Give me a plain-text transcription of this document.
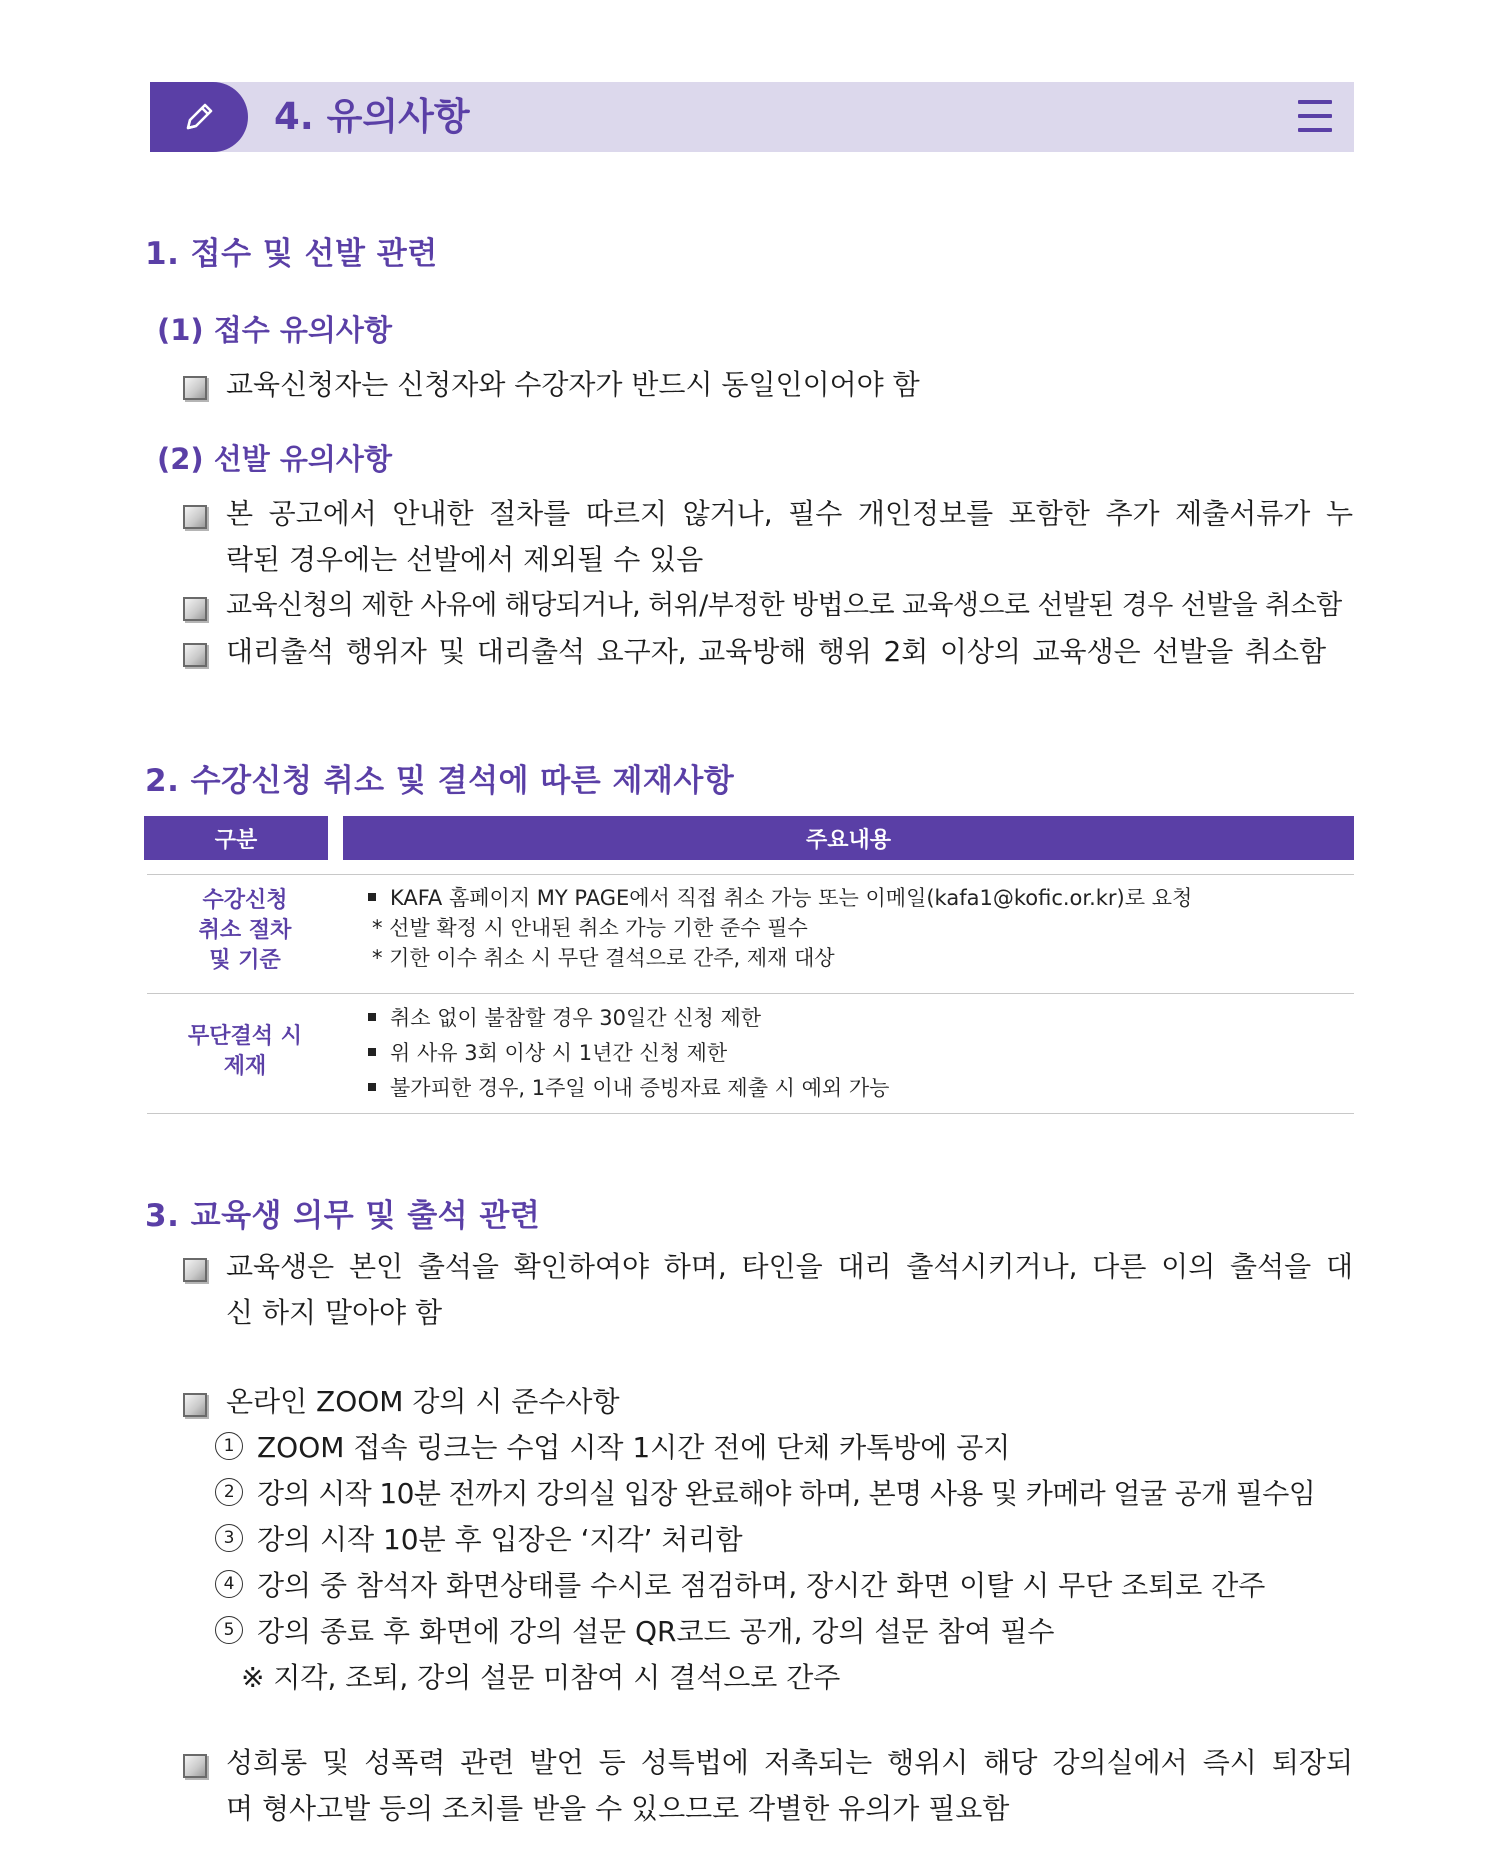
4. 유의사항
1. 접수 및 선발 관련
(1) 접수 유의사항
교육신청자는 신청자와 수강자가 반드시 동일인이어야 함
(2) 선발 유의사항
본 공고에서 안내한 절차를 따르지 않거나, 필수 개인정보를 포함한 추가 제출서류가 누
락된 경우에는 선발에서 제외될 수 있음
교육신청의 제한 사유에 해당되거나, 허위/부정한 방법으로 교육생으로 선발된 경우 선발을 취소함
대리출석 행위자 및 대리출석 요구자, 교육방해 행위 2회 이상의 교육생은 선발을 취소함
2. 수강신청 취소 및 결석에 따른 제재사항
구분	주요내용
수강신청
취소 절차
및 기준
KAFA 홈페이지 MY PAGE에서 직접 취소 가능 또는 이메일(kafa1@kofic.or.kr)로 요청
* 선발 확정 시 안내된 취소 가능 기한 준수 필수
* 기한 이수 취소 시 무단 결석으로 간주, 제재 대상
무단결석 시
제재
취소 없이 불참할 경우 30일간 신청 제한
위 사유 3회 이상 시 1년간 신청 제한
불가피한 경우, 1주일 이내 증빙자료 제출 시 예외 가능
3. 교육생 의무 및 출석 관련
교육생은 본인 출석을 확인하여야 하며, 타인을 대리 출석시키거나, 다른 이의 출석을 대
신 하지 말아야 함
온라인 ZOOM 강의 시 준수사항
1 ZOOM 접속 링크는 수업 시작 1시간 전에 단체 카톡방에 공지
2 강의 시작 10분 전까지 강의실 입장 완료해야 하며, 본명 사용 및 카메라 얼굴 공개 필수임
3 강의 시작 10분 후 입장은 ‘지각’ 처리함
4 강의 중 참석자 화면상태를 수시로 점검하며, 장시간 화면 이탈 시 무단 조퇴로 간주
5 강의 종료 후 화면에 강의 설문 QR코드 공개, 강의 설문 참여 필수
※ 지각, 조퇴, 강의 설문 미참여 시 결석으로 간주
성희롱 및 성폭력 관련 발언 등 성특법에 저촉되는 행위시 해당 강의실에서 즉시 퇴장되
며 형사고발 등의 조치를 받을 수 있으므로 각별한 유의가 필요함
